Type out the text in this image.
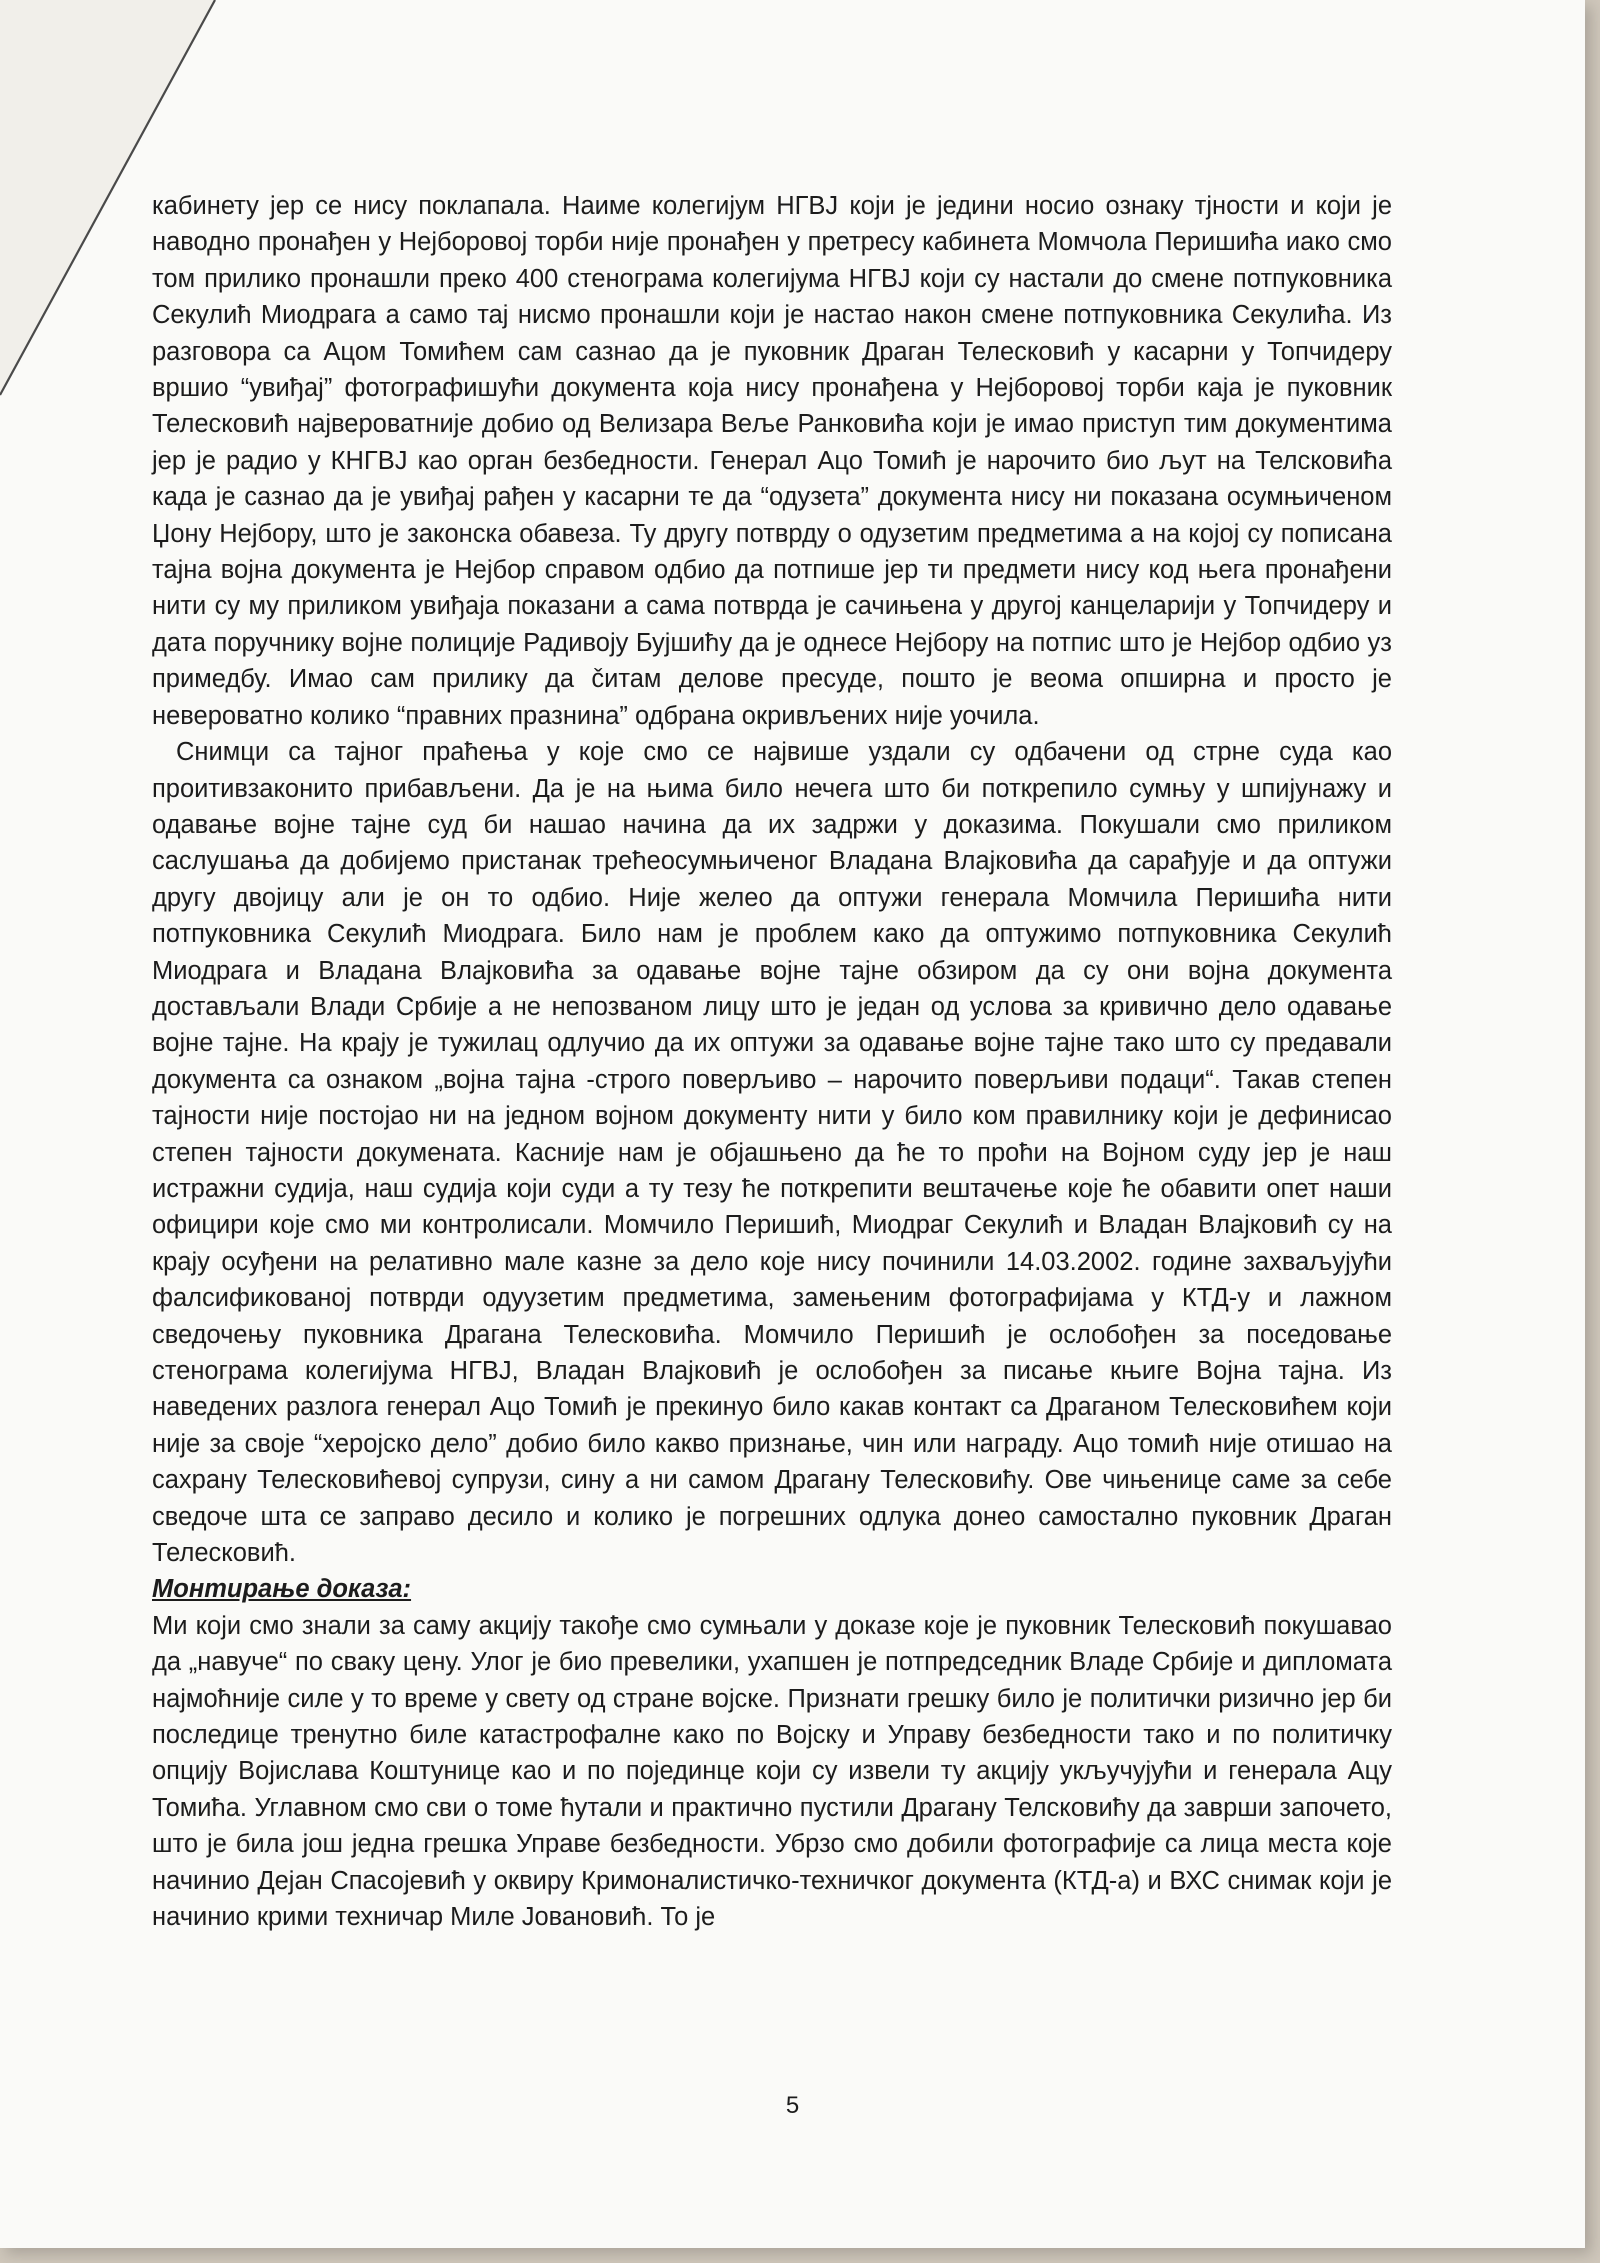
кабинету јер се нису поклапала. Наиме колегијум НГВЈ који је једини носио ознаку тјности и који је наводно пронађен у Нејборовој торби није пронађен у претресу кабинета Момчола Перишића иако смо том прилико пронашли преко 400 стенограма колегијума НГВЈ који су настали до смене потпуковника Секулић Миодрага а само тај нисмо пронашли који је настао након смене потпуковника Секулића. Из разговора са Ацом Томићем сам сазнао да је пуковник Драган Телесковић у касарни у Топчидеру вршио “увиђај” фотографишући документа која нису пронађена у Нејборовој торби каја је пуковник Телесковић највероватније добио од Велизара Веље Ранковића који је имао приступ тим документима јер је радио у КНГВЈ као орган безбедности. Генерал Ацо Томић је нарочито био љут на Телсковића када је сазнао да је увиђај рађен у касарни те да “одузета” документа нису ни показана осумњиченом Џону Нејбору, што је законска обавеза. Ту другу потврду о одузетим предметима а на којој су пописана тајна војна документа је Нејбор справом одбио да потпише јер ти предмети нису код њега пронађени нити су му приликом увиђаја показани а сама потврда је сачињена у другој канцеларији у Топчидеру и дата поручнику војне полиције Радивоју Бујшићу да је однесе Нејбору на потпис што је Нејбор одбио уз примедбу. Имао сам прилику да čитам делове пресуде, пошто је веома опширна и просто је невероватно колико “правних празнина” одбрана окривљених није уочила.

Снимци са тајног праћења у које смо се највише уздали су одбачени од стрне суда као проитивзаконито прибављени. Да је на њима било нечега што би поткрепило сумњу у шпијунажу и одавање војне тајне суд би нашао начина да их задржи у доказима. Покушали смо приликом саслушања да добијемо пристанак трећеосумњиченог Владана Влајковића да сарађује и да оптужи другу двојицу али је он то одбио. Није желео да оптужи генерала Момчила Перишића нити потпуковника Секулић Миодрага. Било нам је проблем како да оптужимо потпуковника Секулић Миодрага и Владана Влајковића за одавање војне тајне обзиром да су они војна документа достављали Влади Србије а не непозваном лицу што је један од услова за кривично дело одавање војне тајне. На крају је тужилац одлучио да их оптужи за одавање војне тајне тако што су предавали документа са ознаком „војна тајна -строго поверљиво – нарочито поверљиви подаци“. Такав степен тајности није постојао ни на једном војном документу нити у било ком правилнику који је дефинисао степен тајности докумената. Касније нам је објашњено да ће то проћи на Војном суду јер је наш истражни судија, наш судија који суди а ту тезу ће поткрепити вештачење које ће обавити опет наши официри које смо ми контролисали. Момчило Перишић, Миодраг Секулић и Владан Влајковић су на крају осуђени на релативно мале казне за дело које нису починили 14.03.2002. године захваљујући фалсификованој потврди одуузетим предметима, замењеним фотографијама у КТД-у и лажном сведочењу пуковника Драгана Телесковића. Момчило Перишић је ослобођен за поседовање стенограма колегијума НГВЈ, Владан Влајковић је ослобођен за писање књиге Војна тајна. Из наведених разлога генерал Ацо Томић је прекинуо било какав контакт са Драганом Телесковићем који није за своје “херојско дело” добио било какво признање, чин или награду. Ацо томић није отишао на сахрану Телесковићевој супрузи, сину а ни самом Драгану Телесковићу. Ове чињенице саме за себе сведоче шта се заправо десило и колико је погрешних одлука донео самостално пуковник Драган Телесковић.

Монтирање доказа:

Ми који смо знали за саму акцију такође смо сумњали у доказе које је пуковник Телесковић покушавао да „навуче“ по сваку цену. Улог је био превелики, ухапшен је потпредседник Владе Србије и дипломата најмоћније силе у то време у свету од стране војске. Признати грешку било је политички ризично јер би последице тренутно биле катастрофалне како по Војску и Управу безбедности тако и по политичку опцију Војислава Коштунице као и по појединце који су извели ту акцију укључујући и генерала Ацу Томића. Углавном смо сви о томе ћутали и практично пустили Драгану Телсковићу да заврши започето, што је била још једна грешка Управе безбедности. Убрзо смо добили фотографије са лица места које начинио Дејан Спасојевић у оквиру Кримоналистичко-техничког документа (КТД-а) и ВХС снимак који је начинио крими техничар Миле Јовановић. То је

5
